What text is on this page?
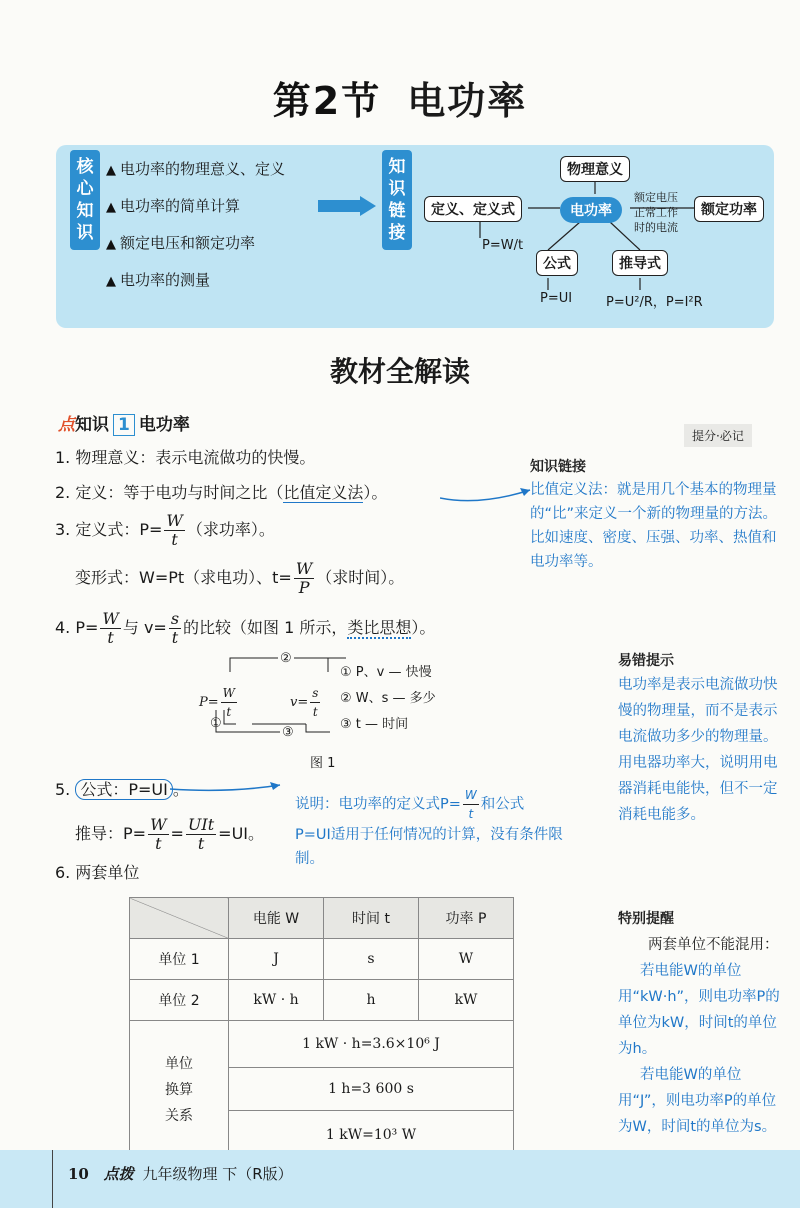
第2节 电功率
核心知识
▲ 电功率的物理意义、定义
▲ 电功率的简单计算
▲ 额定电压和额定功率
▲ 电功率的测量
知识链接
物理意义
定义、定义式	电功率
额定电压
正常工作
时的电流
额定功率
P=W/t
公式	推导式
P=UI	P=U²/R，P=I²R
教材全解读
点知识 1 电功率
提分·必记
1. 物理意义：表示电流做功的快慢。
2. 定义：等于电功与时间之比（比值定义法）。
3. 定义式：$P= \frac{W}{t}$ （求功率）。
变形式：W=Pt（求电功）、$t= \frac{W}{P}$ （求时间）。
4. $P= \frac{W}{t}$ 与 $v= \frac{s}{t}$ 的比较（如图 1 所示，类比思想）。
②
$P= \frac{W}{t}$	$v= \frac{s}{t}$
①
③
① P、v — 快慢
② W、s — 多少
③ t — 时间
图 1
5. 公式：P=UI 。
推导：$P= \frac{W}{t} = \frac{\text{UIt}}{t} =UI$。
6. 两套单位
知识链接
比值定义法：就是用几个基本的物理量的“比”来定义一个新的物理量的方法。比如速度、密度、压强、功率、热值和电功率等。
易错提示
电功率是表示电流做功快慢的物理量，而不是表示电流做功多少的物理量。用电器功率大，说明用电器消耗电能快，但不一定消耗电能多。
说明：电功率的定义式$P= \frac{W}{t}$ 和公式
P=UI适用于任何情况的计算，没有条件限制。
特别提醒
两套单位不能混用：
若电能W的单位用“kW·h”，则电功率P的单位为kW，时间t的单位为h。
若电能W的单位用“J”，则电功率P的单位为W，时间t的单位为s。
	电能 W	时间 t	功率 P
单位 1	J	s	W
单位 2	kW · h	h	kW

单位
换算
关系	1 kW · h=3.6×10⁶ J		
	1 h=3 600 s		
	1 kW=10³ W		
10 点拨 九年级物理 下（R版）
